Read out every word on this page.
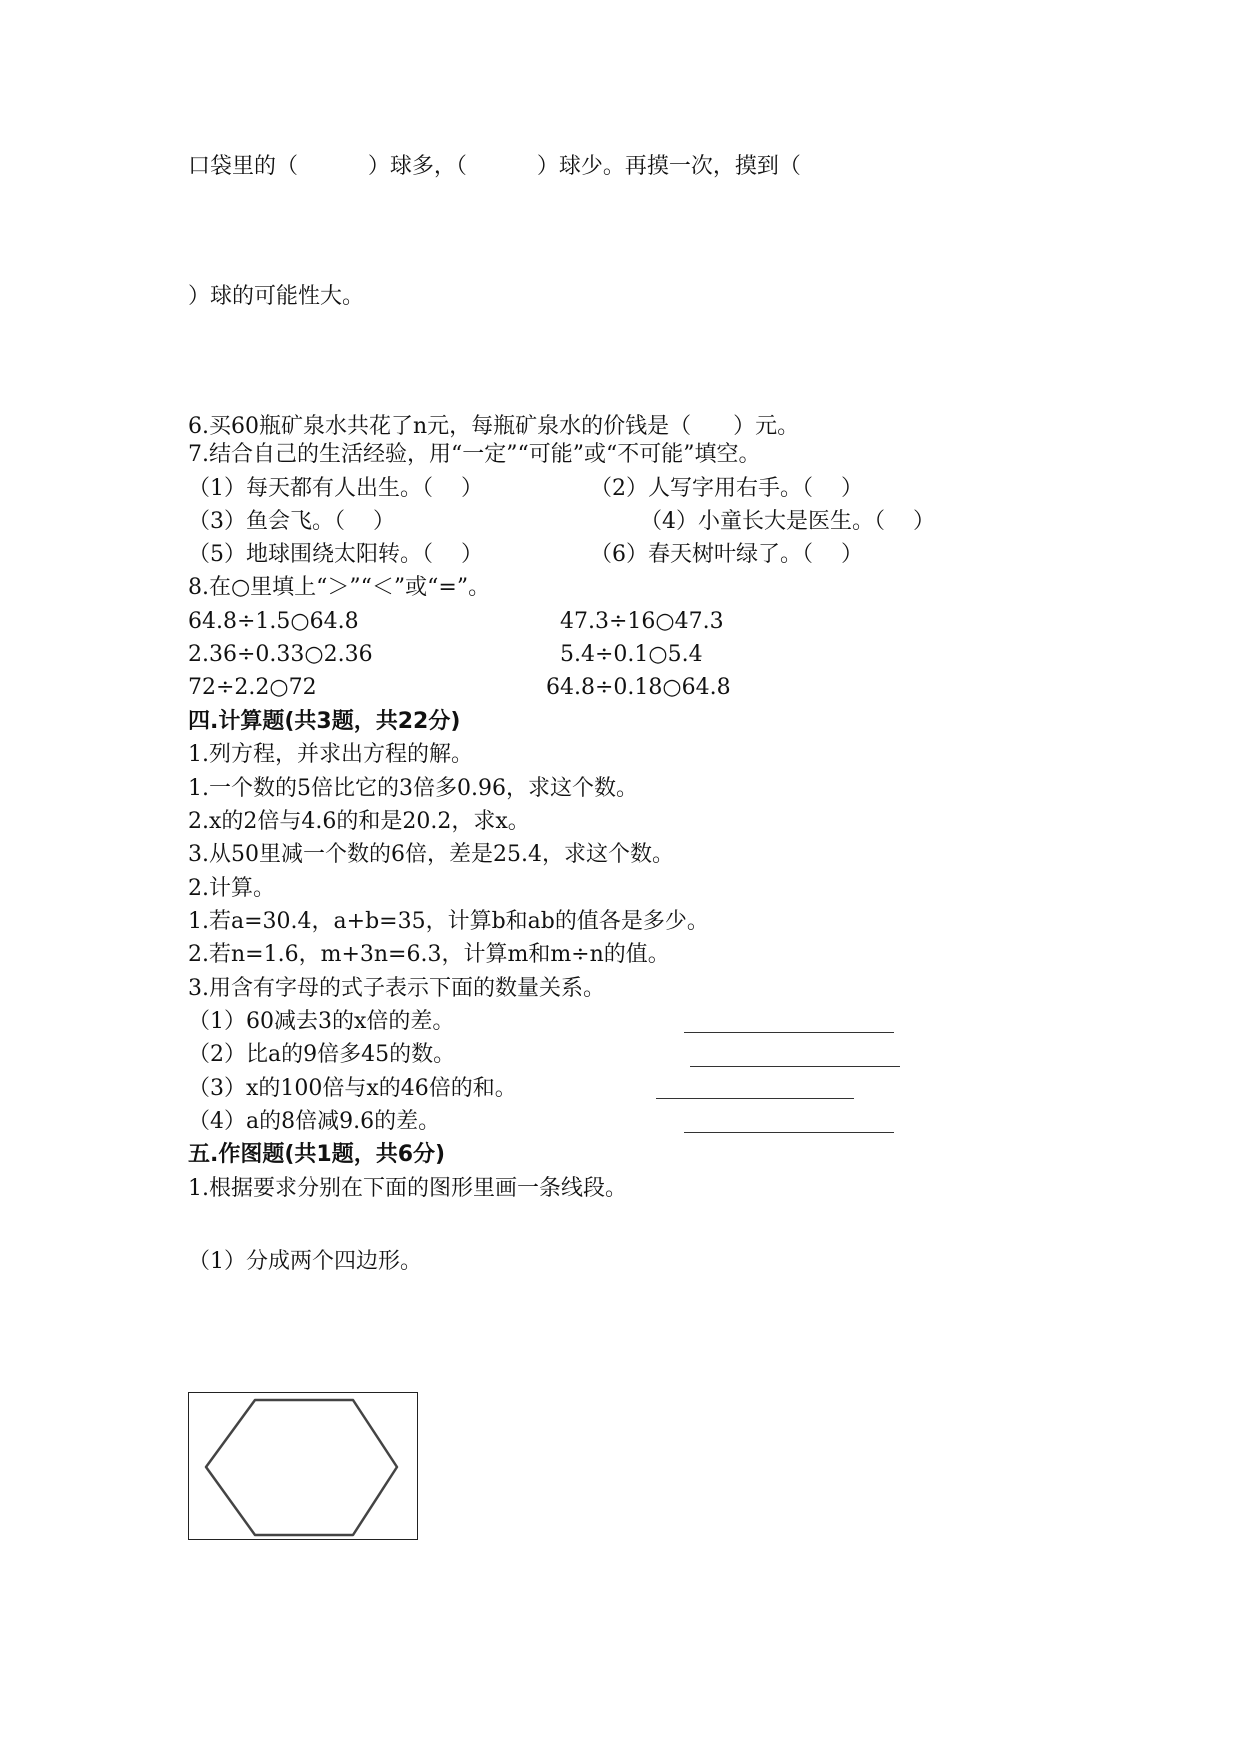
口袋里的（          ）球多，（          ）球少。再摸一次，摸到（
）球的可能性大。
6.买60瓶矿泉水共花了n元，每瓶矿泉水的价钱是（      ）元。
7.结合自己的生活经验，用“一定”“可能”或“不可能”填空。
（1）每天都有人出生。（    ）	（2）人写字用右手。（    ）
（3）鱼会飞。（    ）	（4）小童长大是医生。（    ）
（5）地球围绕太阳转。（    ）	（6）春天树叶绿了。（    ）
8.在○里填上“＞”“＜”或“=”。
64.8÷1.5○64.8	47.3÷16○47.3
2.36÷0.33○2.36	5.4÷0.1○5.4
72÷2.2○72	64.8÷0.18○64.8
四.计算题(共3题，共22分)
1.列方程，并求出方程的解。
1.一个数的5倍比它的3倍多0.96，求这个数。
2.x的2倍与4.6的和是20.2，求x。
3.从50里减一个数的6倍，差是25.4，求这个数。
2.计算。
1.若a=30.4，a+b=35，计算b和ab的值各是多少。
2.若n=1.6，m+3n=6.3，计算m和m÷n的值。
3.用含有字母的式子表示下面的数量关系。
（1）60减去3的x倍的差。
（2）比a的9倍多45的数。
（3）x的100倍与x的46倍的和。
（4）a的8倍减9.6的差。
五.作图题(共1题，共6分)
1.根据要求分别在下面的图形里画一条线段。
（1）分成两个四边形。
